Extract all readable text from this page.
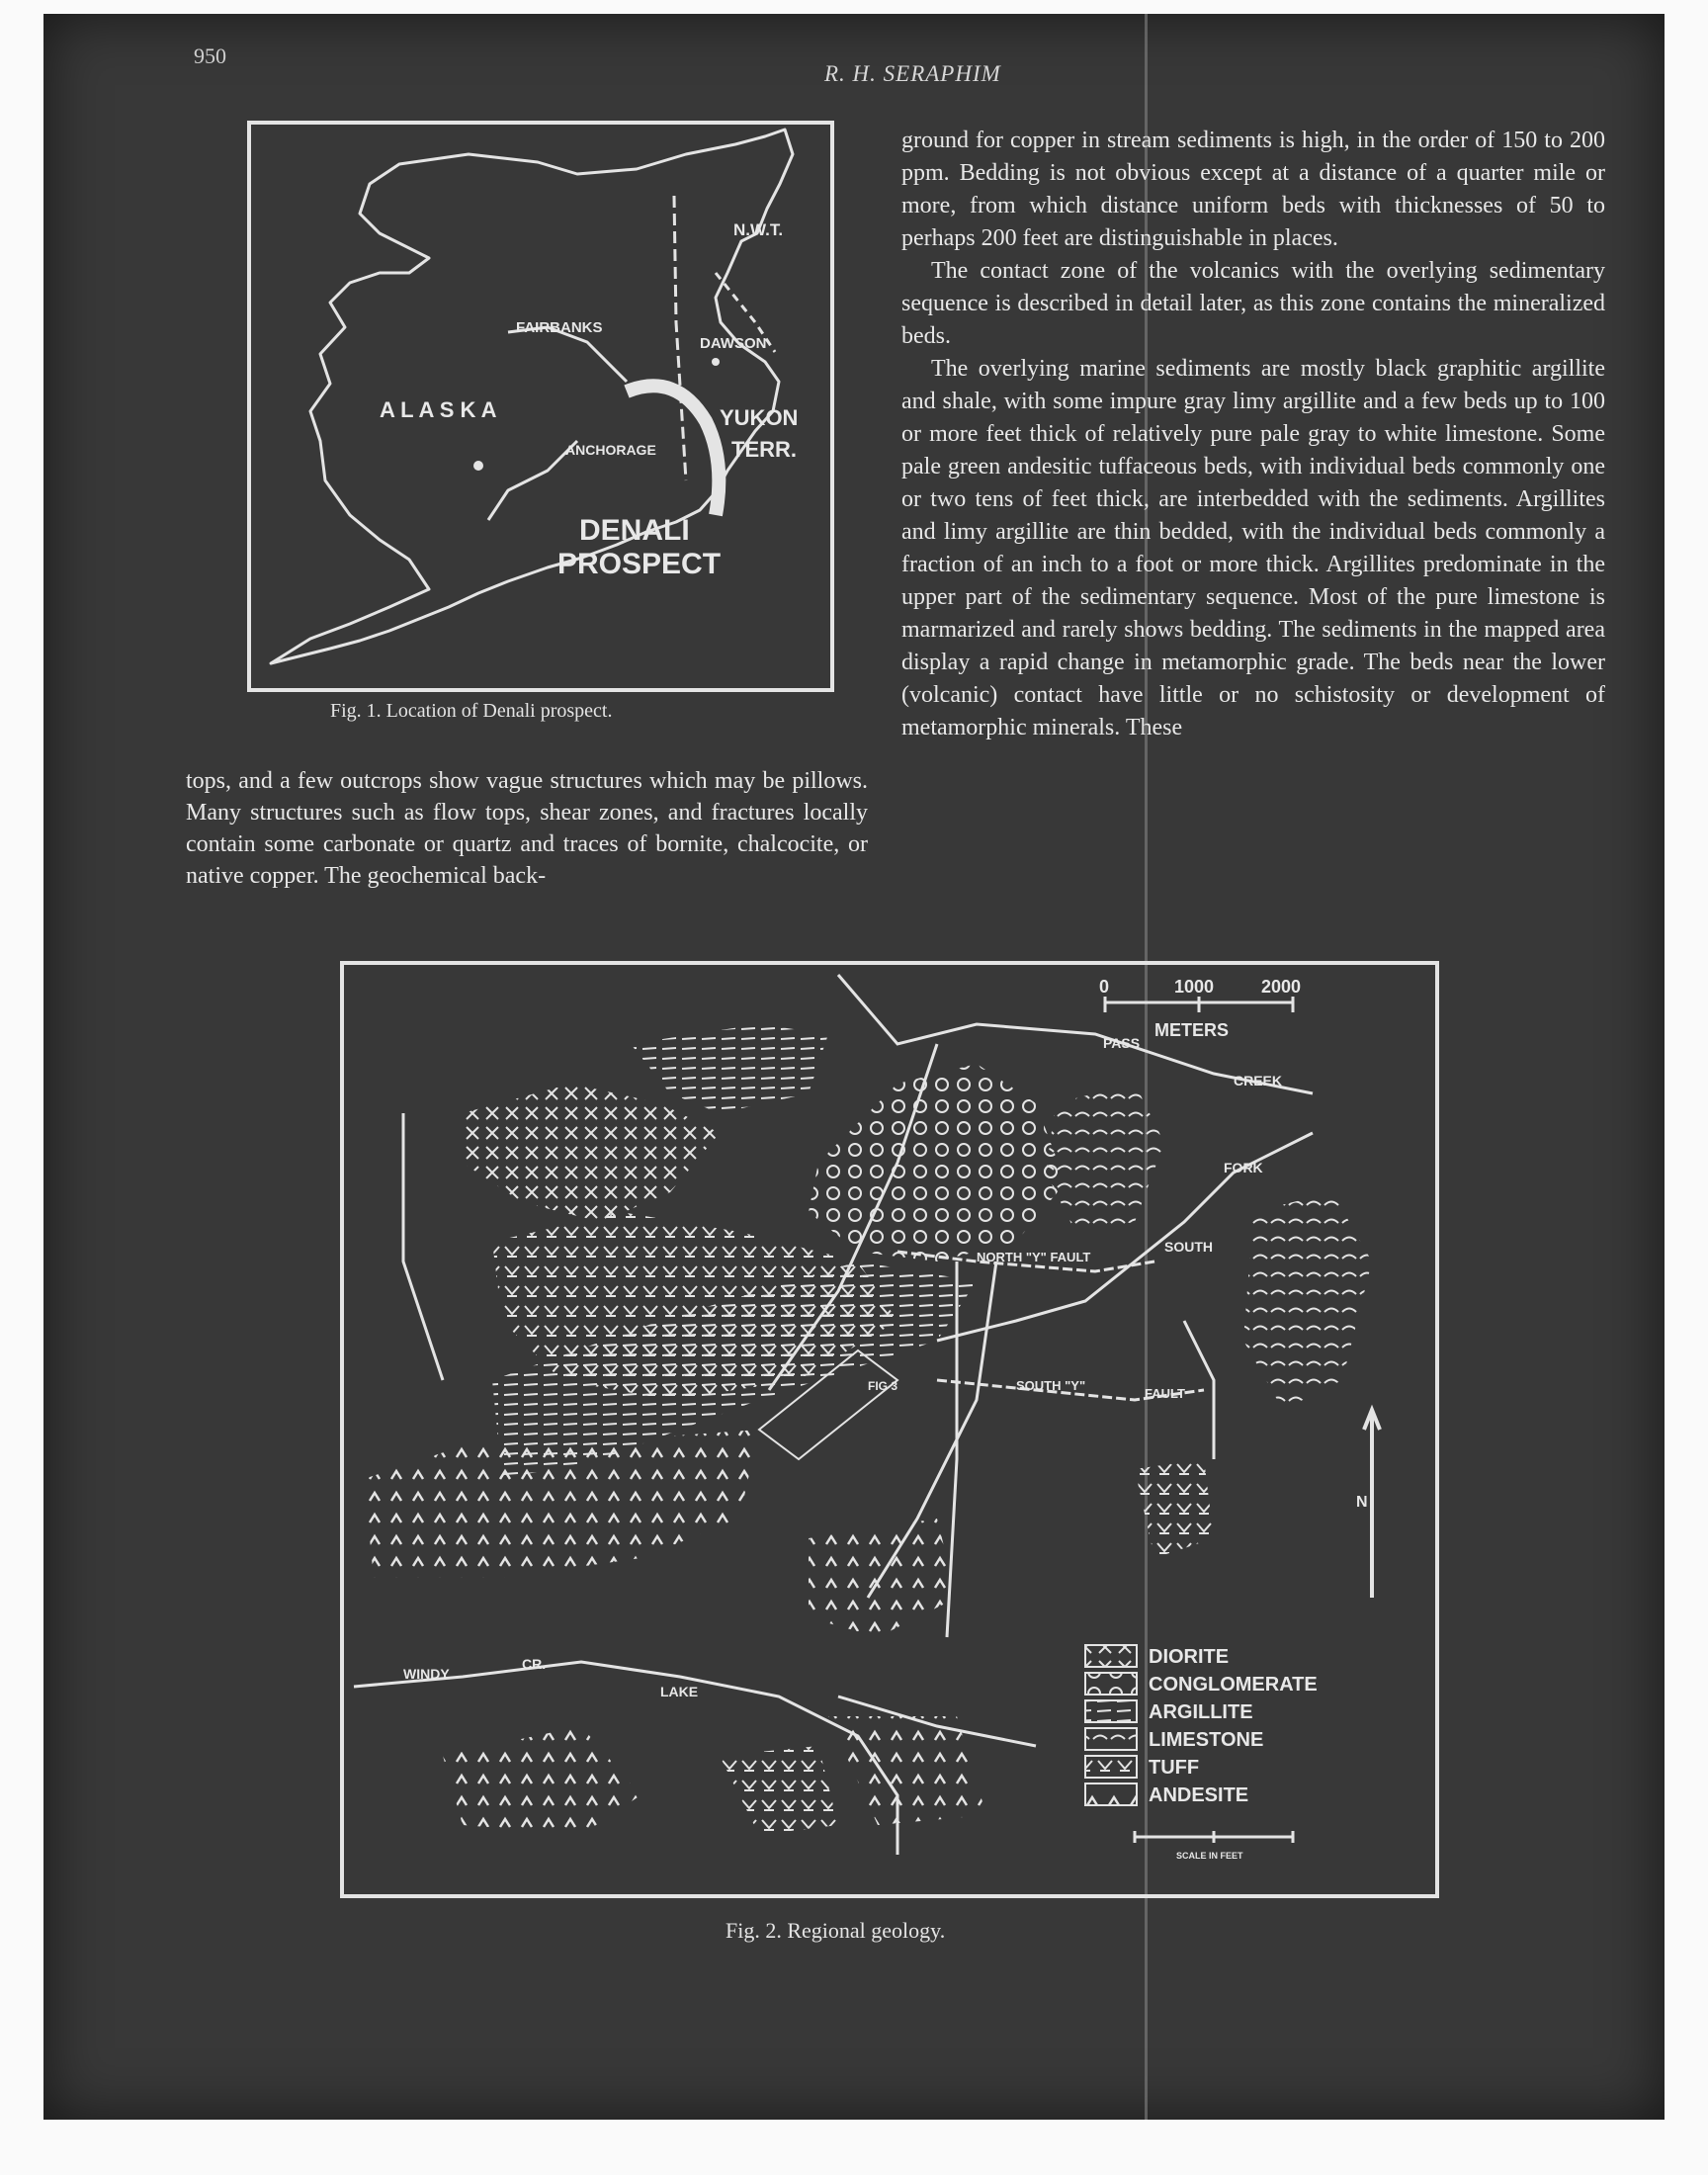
950
R. H. SERAPHIM
N.W.T.
FAIRBANKS
DAWSON
A L A S K A	YUKON
TERR.
ANCHORAGE
DENALI
PROSPECT
Fig. 1. Location of Denali prospect.

ground for copper in stream sediments is high, in the order of 150 to 200 ppm. Bedding is not obvious except at a distance of a quarter mile or more, from which distance uniform beds with thicknesses of 50 to perhaps 200 feet are distinguishable in places.

The contact zone of the volcanics with the overlying sedimentary sequence is described in detail later, as this zone contains the mineralized beds.

The overlying marine sediments are mostly black graphitic argillite and shale, with some impure gray limy argillite and a few beds up to 100 or more feet thick of relatively pure pale gray to white limestone. Some pale green andesitic tuffaceous beds, with individual beds commonly one or two tens of feet thick, are interbedded with the sediments. Argillites and limy argillite are thin bedded, with the individual beds commonly a fraction of an inch to a foot or more thick. Argillites predominate in the upper part of the sedimentary sequence. Most of the pure limestone is marmarized and rarely shows bedding. The sediments in the mapped area display a rapid change in metamorphic grade. The beds near the lower (volcanic) contact have little or no schistosity or development of metamorphic minerals. These

tops, and a few outcrops show vague structures which may be pillows. Many structures such as flow tops, shear zones, and fractures locally contain some carbonate or quartz and traces of bornite, chalcocite, or native copper. The geochemical back-

0	1000	2000
METERS
PASS
CREEK
FORK
SOUTH
NORTH "Y" FAULT
SOUTH "Y"
FAULT
FIG 3
WINDY
CR.
LAKE
N
DIORITE
CONGLOMERATE
ARGILLITE
LIMESTONE
TUFF
ANDESITE
SCALE IN FEET
Fig. 2. Regional geology.
